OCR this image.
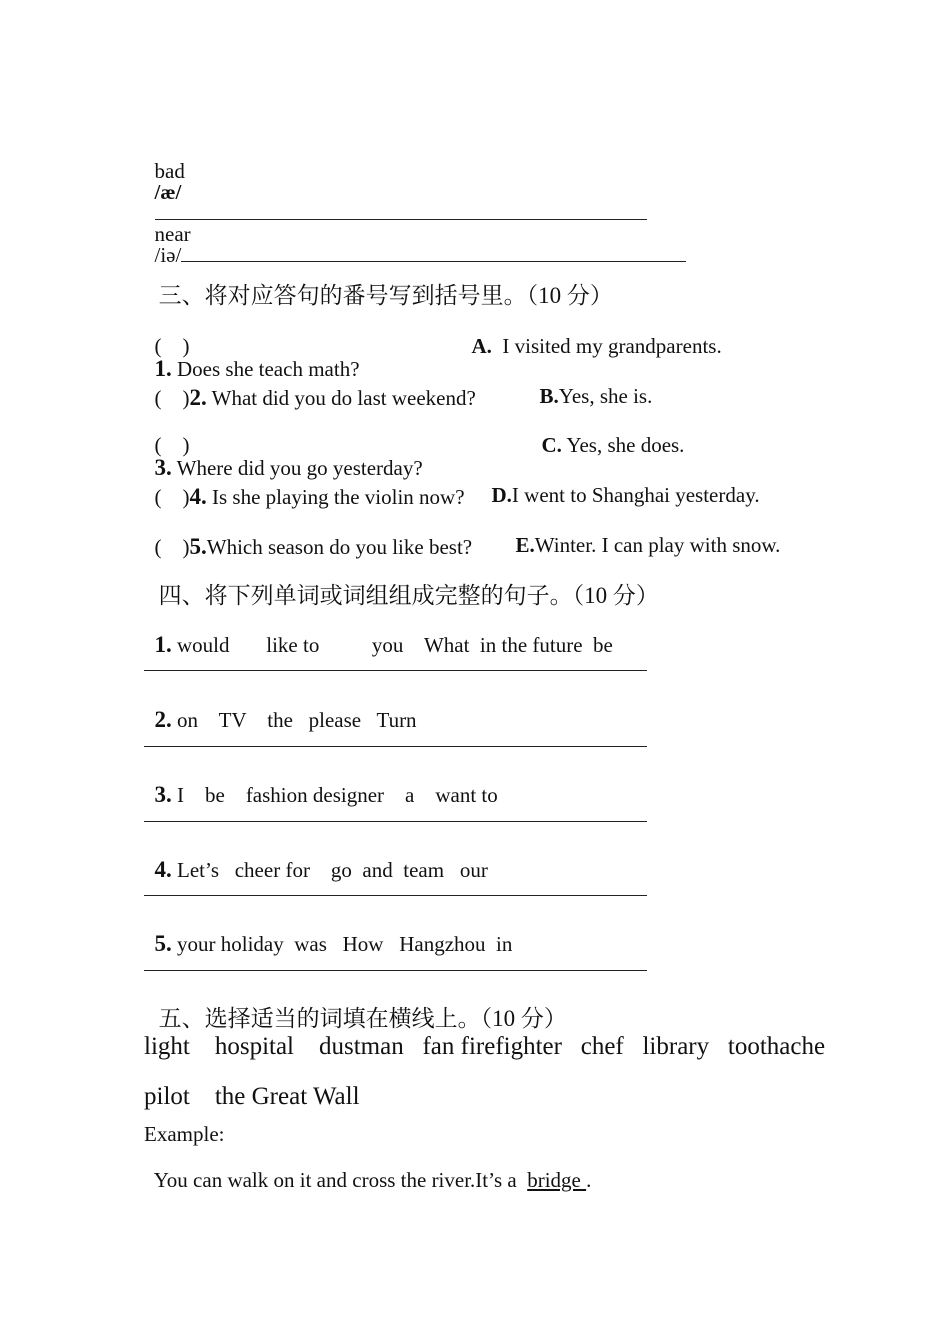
bad
/æ/

near
/iə/

三、将对应答句的番号写到括号里。（10 分）

(    )
1. Does she teach math?

A.  I visited my grandparents.

(    )2. What did you do last weekend?	B.Yes, she is.

(    )
3. Where did you go yesterday?

C. Yes, she does.

(    )4. Is she playing the violin now?	D.I went to Shanghai yesterday.

(    )5.Which season do you like best?	E.Winter. I can play with snow.

四、将下列单词或词组组成完整的句子。（10 分）

1. would       like to          you    What  in the future  be

2. on    TV    the   please   Turn

3. I    be    fashion designer    a    want to

4. Let’s   cheer for    go  and  team   our

5. your holiday  was   How   Hangzhou  in

五、选择适当的词填在横线上。（10 分）

light    hospital    dustman   fan firefighter   chef   library   toothache
pilot    the Great Wall
Example:

You can walk on it and cross the river.It’s a  bridge .
